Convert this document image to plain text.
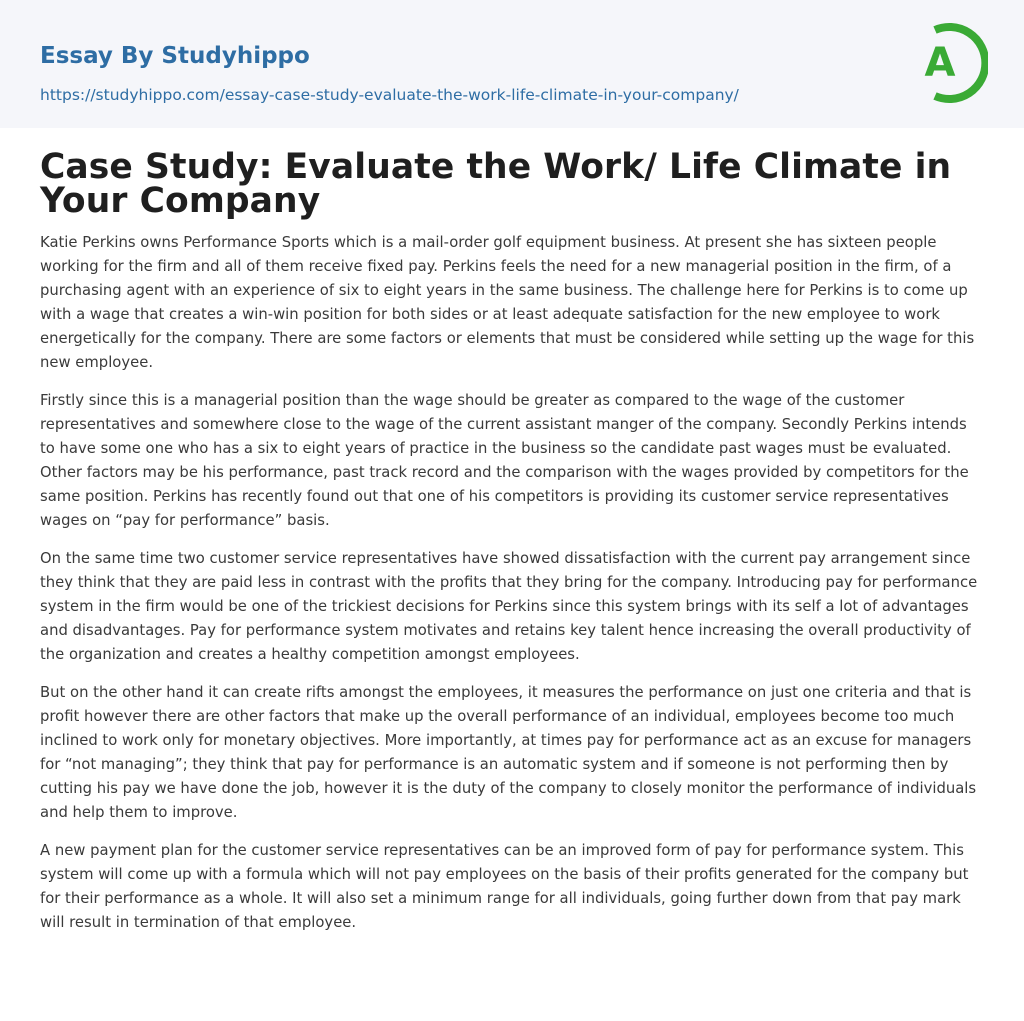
Essay By Studyhippo
https://studyhippo.com/essay-case-study-evaluate-the-work-life-climate-in-your-company/
A
Case Study: Evaluate the Work/ Life Climate in Your Company

Katie Perkins owns Performance Sports which is a mail-order golf equipment business. At present she has sixteen people working for the firm and all of them receive fixed pay. Perkins feels the need for a new managerial position in the firm, of a purchasing agent with an experience of six to eight years in the same business. The challenge here for Perkins is to come up with a wage that creates a win-win position for both sides or at least adequate satisfaction for the new employee to work energetically for the company. There are some factors or elements that must be considered while setting up the wage for this new employee.

Firstly since this is a managerial position than the wage should be greater as compared to the wage of the customer representatives and somewhere close to the wage of the current assistant manger of the company. Secondly Perkins intends to have some one who has a six to eight years of practice in the business so the candidate past wages must be evaluated. Other factors may be his performance, past track record and the comparison with the wages provided by competitors for the same position. Perkins has recently found out that one of his competitors is providing its customer service representatives wages on “pay for performance” basis.

On the same time two customer service representatives have showed dissatisfaction with the current pay arrangement since they think that they are paid less in contrast with the profits that they bring for the company. Introducing pay for performance system in the firm would be one of the trickiest decisions for Perkins since this system brings with its self a lot of advantages and disadvantages. Pay for performance system motivates and retains key talent hence increasing the overall productivity of the organization and creates a healthy competition amongst employees.

But on the other hand it can create rifts amongst the employees, it measures the performance on just one criteria and that is profit however there are other factors that make up the overall performance of an individual, employees become too much inclined to work only for monetary objectives. More importantly, at times pay for performance act as an excuse for managers for “not managing”; they think that pay for performance is an automatic system and if someone is not performing then by cutting his pay we have done the job, however it is the duty of the company to closely monitor the performance of individuals and help them to improve.

A new payment plan for the customer service representatives can be an improved form of pay for performance system. This system will come up with a formula which will not pay employees on the basis of their profits generated for the company but for their performance as a whole. It will also set a minimum range for all individuals, going further down from that pay mark will result in termination of that employee.
